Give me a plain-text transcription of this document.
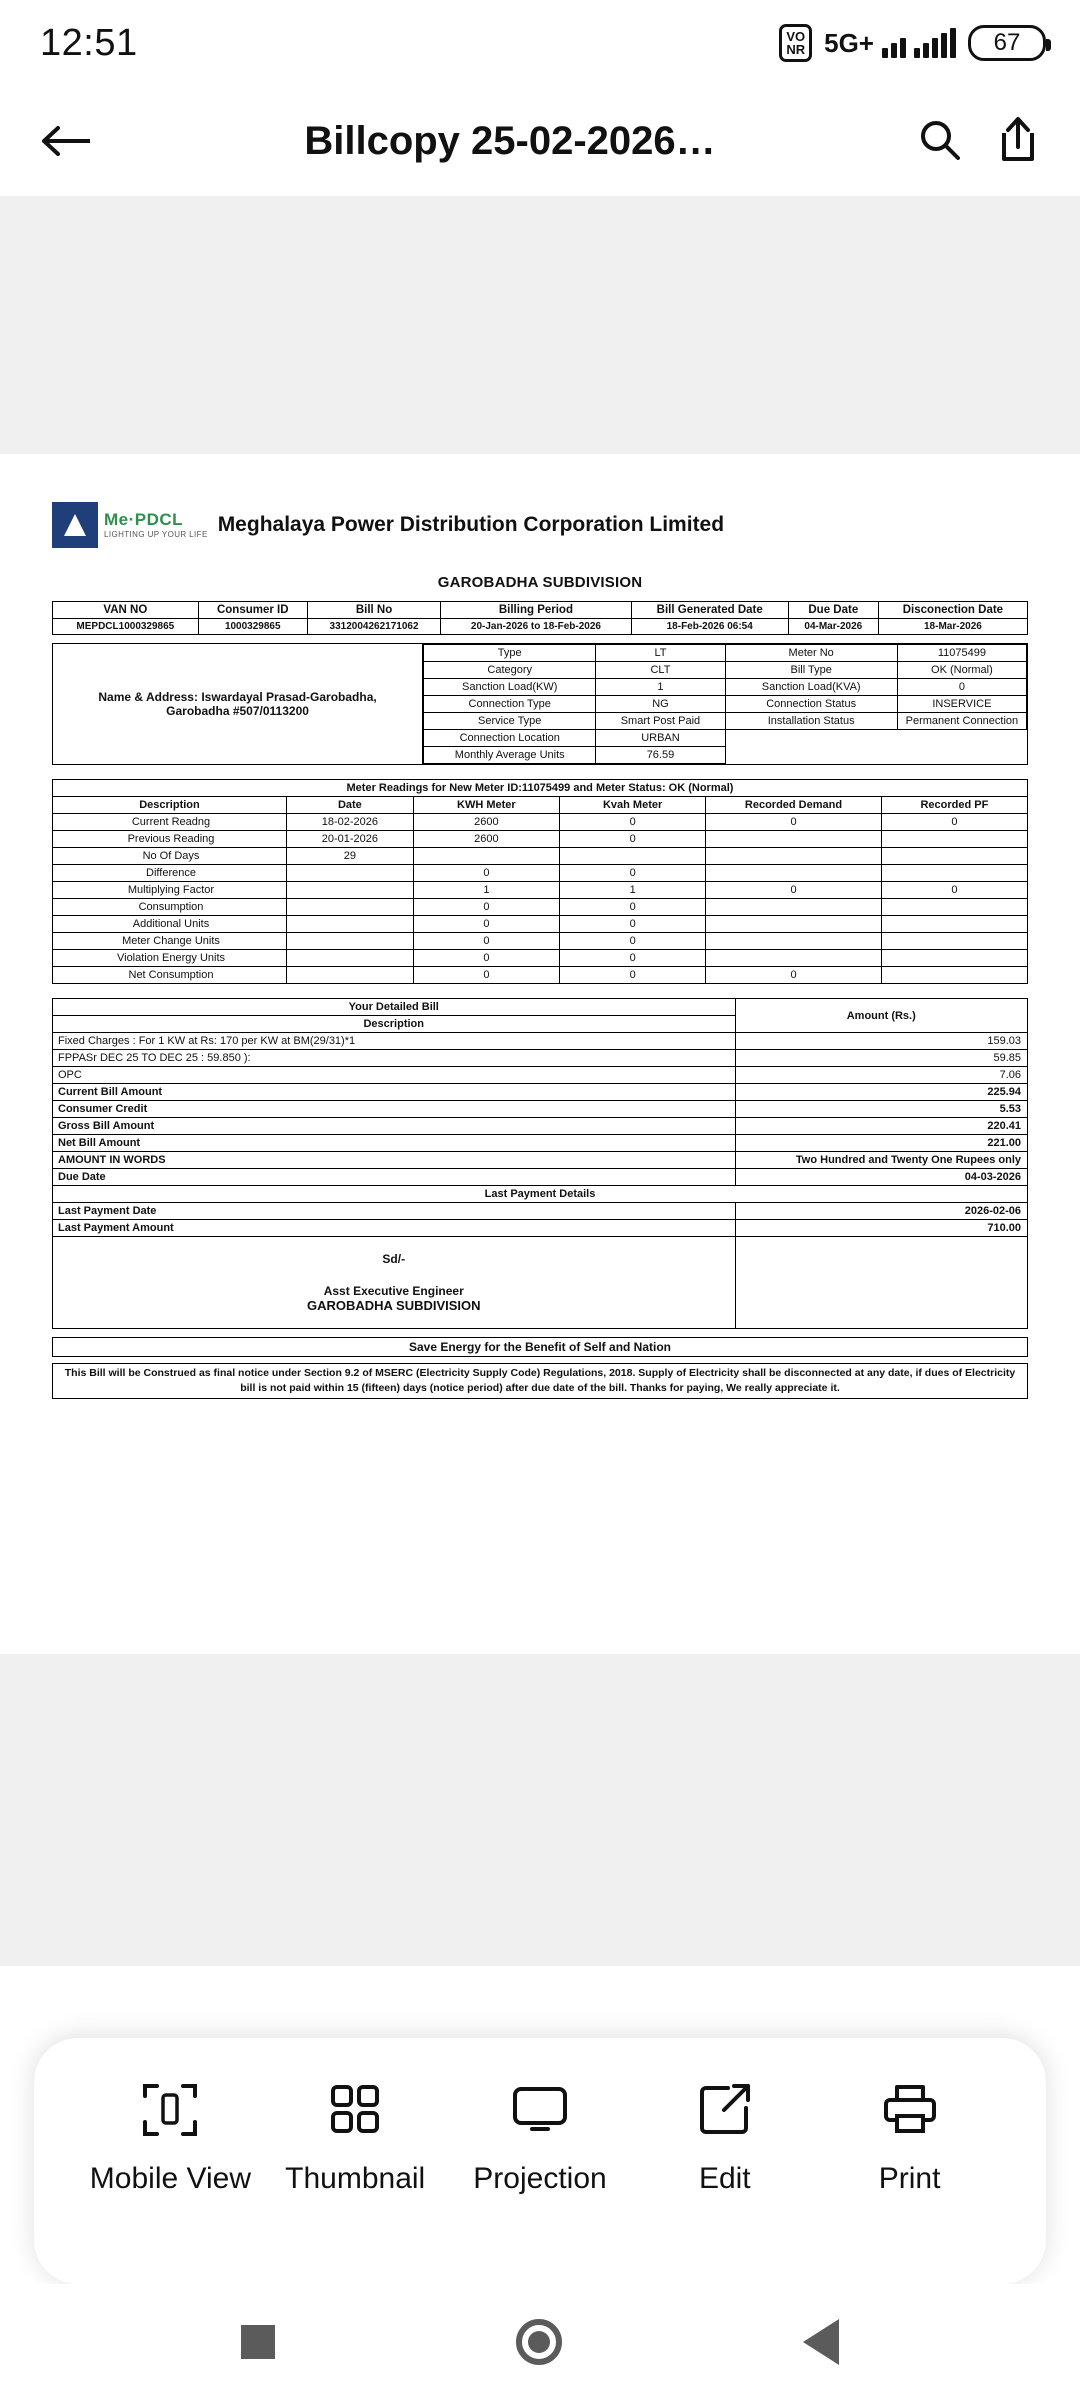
12:51	VO
NR 5G+	67
Billcopy 25-02-2026…
Me·PDCL
LIGHTING UP YOUR LIFE Meghalaya Power Distribution Corporation Limited
GAROBADHA SUBDIVISION
VAN NO	Consumer ID	Bill No	Billing Period	Bill Generated Date	Due Date	Disconection Date
MEPDCL1000329865	1000329865	3312004262171062	20-Jan-2026 to 18-Feb-2026	18-Feb-2026 06:54	04-Mar-2026	18-Mar-2026
Name & Address: Iswardayal Prasad-Garobadha,
Garobadha #507/0113200
Type	LT	Meter No	11075499
Category	CLT	Bill Type	OK (Normal)
Sanction Load(KW)	1	Sanction Load(KVA)	0
Connection Type	NG	Connection Status	INSERVICE
Service Type	Smart Post Paid	Installation Status	Permanent Connection
Connection Location	URBAN		
Monthly Average Units	76.59		
Meter Readings for New Meter ID:11075499 and Meter Status: OK (Normal)					
Description	Date	KWH Meter	Kvah Meter	Recorded Demand	Recorded PF
Current Readng	18-02-2026	2600	0	0	0
Previous Reading	20-01-2026	2600	0		
No Of Days	29				
Difference		0	0		
Multiplying Factor		1	1	0	0
Consumption		0	0		
Additional Units		0	0		
Meter Change Units		0	0		
Violation Energy Units		0	0		
Net Consumption		0	0	0	
Your Detailed Bill	Amount (Rs.)
Description	
Fixed Charges : For 1 KW at Rs: 170 per KW at BM(29/31)*1	159.03
FPPASr DEC 25 TO DEC 25 : 59.850 ):	59.85
OPC	7.06
Current Bill Amount	225.94
Consumer Credit	5.53
Gross Bill Amount	220.41
Net Bill Amount	221.00
AMOUNT IN WORDS	Two Hundred and Twenty One Rupees only
Due Date	04-03-2026
Last Payment Details	
Last Payment Date	2026-02-06
Last Payment Amount	710.00

Sd/-
Asst Executive Engineer
GAROBADHA SUBDIVISION	

Save Energy for the Benefit of Self and Nation
This Bill will be Construed as final notice under Section 9.2 of MSERC (Electricity Supply Code) Regulations, 2018. Supply of Electricity shall be disconnected at any date, if dues of Electricity bill is not paid within 15 (fifteen) days (notice period) after due date of the bill. Thanks for paying, We really appreciate it.
Mobile View Thumbnail Projection	Edit	Print
